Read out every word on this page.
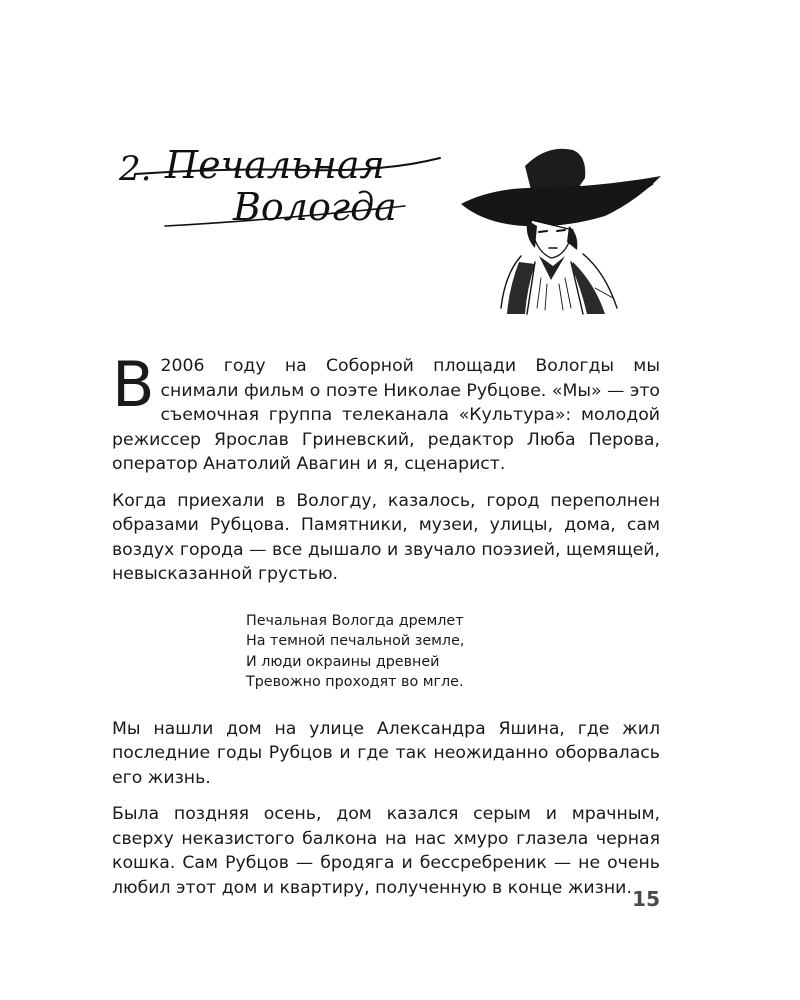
2. Печальная
Вологда

В 2006 году на Соборной площади Вологды мы снимали фильм о поэте Николае Рубцове. «Мы» — это съемочная группа телеканала «Культура»: молодой режиссер Ярослав Гриневский, редактор Люба Перова, оператор Анатолий Авагин и я, сценарист.

Когда приехали в Вологду, казалось, город переполнен образами Рубцова. Памятники, музеи, улицы, дома, сам воздух города — все дышало и звучало поэзией, щемящей, невысказанной грустью.

Печальная Вологда дремлет
На темной печальной земле,
И люди окраины древней
Тревожно проходят во мгле.

Мы нашли дом на улице Александра Яшина, где жил последние годы Рубцов и где так неожиданно оборвалась его жизнь.

Была поздняя осень, дом казался серым и мрачным, сверху неказистого балкона на нас хмуро глазела черная кошка. Сам Рубцов — бродяга и бессребреник — не очень любил этот дом и квартиру, полученную в конце жизни. 15
